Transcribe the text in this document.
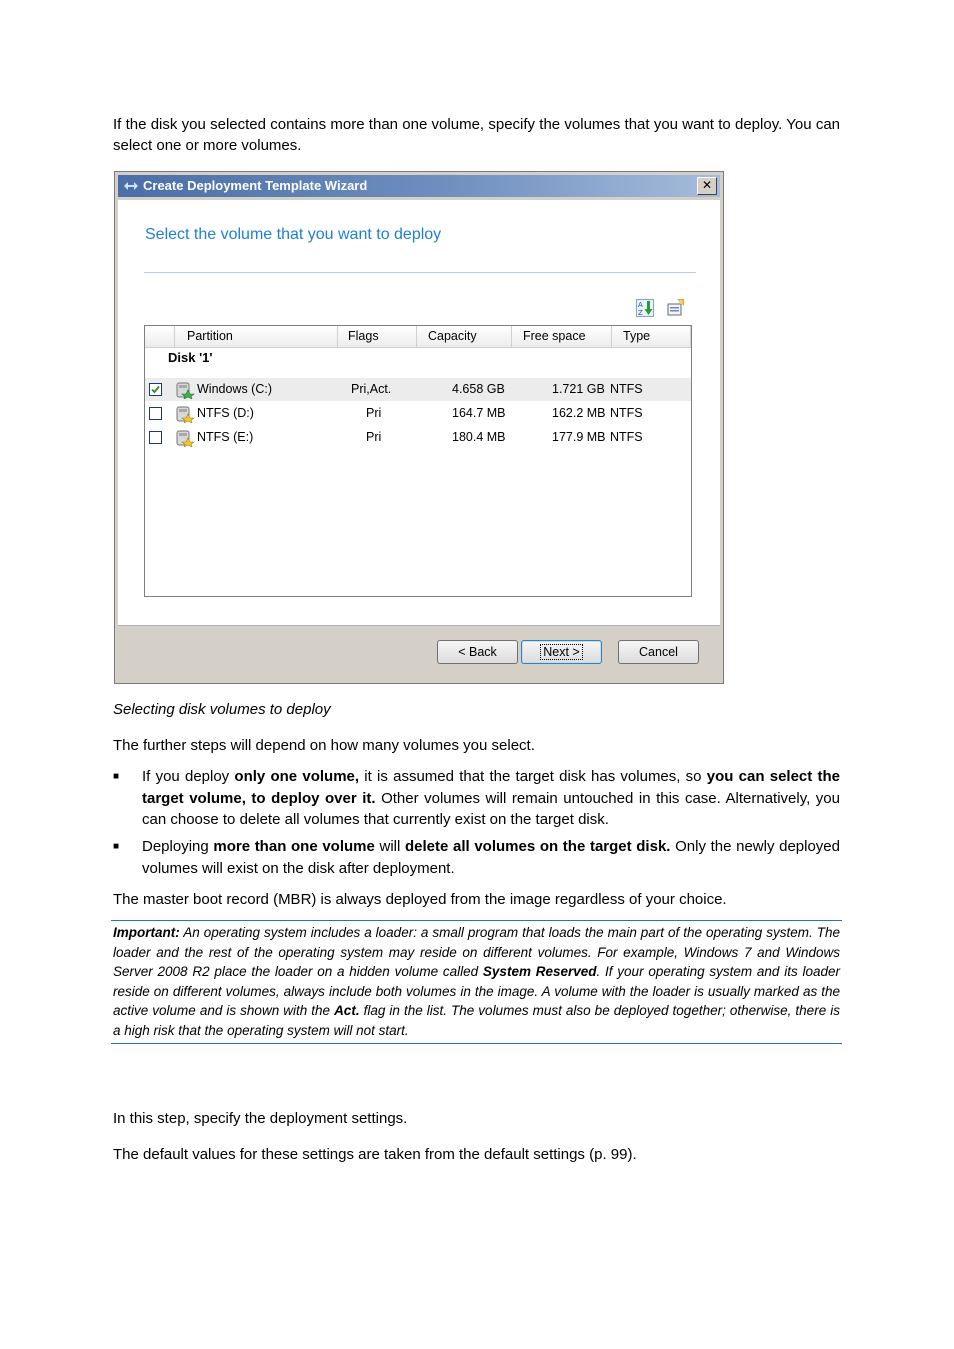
If the disk you selected contains more than one volume, specify the volumes that you want to deploy. You can select one or more volumes.
Create Deployment Template Wizard	✕
Select the volume that you want to deploy
A
Z
Partition	Flags	Capacity	Free space	Type
Disk '1'
Windows (C:)	Pri,Act.	4.658 GB	1.721 GB NTFS
NTFS (D:)	Pri	164.7 MB	162.2 MB NTFS
NTFS (E:)	Pri	180.4 MB	177.9 MB NTFS
< Back	Next >	Cancel
Selecting disk volumes to deploy
The further steps will depend on how many volumes you select.
■ If you deploy only one volume, it is assumed that the target disk has volumes, so you can select the target volume, to deploy over it. Other volumes will remain untouched in this case. Alternatively, you can choose to delete all volumes that currently exist on the target disk.
■ Deploying more than one volume will delete all volumes on the target disk. Only the newly deployed volumes will exist on the disk after deployment.
The master boot record (MBR) is always deployed from the image regardless of your choice.
Important: An operating system includes a loader: a small program that loads the main part of the operating system. The loader and the rest of the operating system may reside on different volumes. For example, Windows 7 and Windows Server 2008 R2 place the loader on a hidden volume called System Reserved. If your operating system and its loader reside on different volumes, always include both volumes in the image. A volume with the loader is usually marked as the active volume and is shown with the Act. flag in the list. The volumes must also be deployed together; otherwise, there is a high risk that the operating system will not start.
In this step, specify the deployment settings.
The default values for these settings are taken from the default settings (p. 99).
